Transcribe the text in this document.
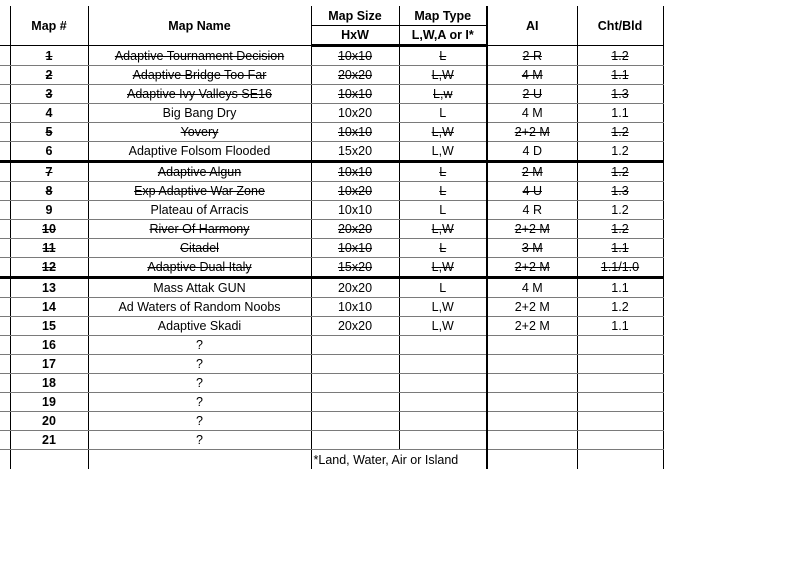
	Map #	Map Name	Map Size	Map Type	AI	Cht/Bld
			HxW	L,W,A or I*		
	1	Adaptive Tournament Decision	10x10	L	2 R	1.2
	2	Adaptive Bridge Too Far	20x20	L,W	4 M	1.1
	3	Adaptive Ivy Valleys SE16	10x10	L,w	2 U	1.3
	4	Big Bang Dry	10x20	L	4 M	1.1
	5	Yovery	10x10	L,W	2+2 M	1.2
	6	Adaptive Folsom Flooded	15x20	L,W	4 D	1.2
	7	Adaptive Algun	10x10	L	2 M	1.2
	8	Exp Adaptive War Zone	10x20	L	4 U	1.3
	9	Plateau of Arracis	10x10	L	4 R	1.2
	10	River Of Harmony	20x20	L,W	2+2 M	1.2
	11	Citadel	10x10	L	3 M	1.1
	12	Adaptive Dual Italy	15x20	L,W	2+2 M	1.1/1.0
	13	Mass Attak GUN	20x20	L	4 M	1.1
	14	Ad Waters of Random Noobs	10x10	L,W	2+2 M	1.2
	15	Adaptive Skadi	20x20	L,W	2+2 M	1.1
	16	?				
	17	?				
	18	?				
	19	?				
	20	?				
	21	?				
			*Land, Water, Air or Island			
